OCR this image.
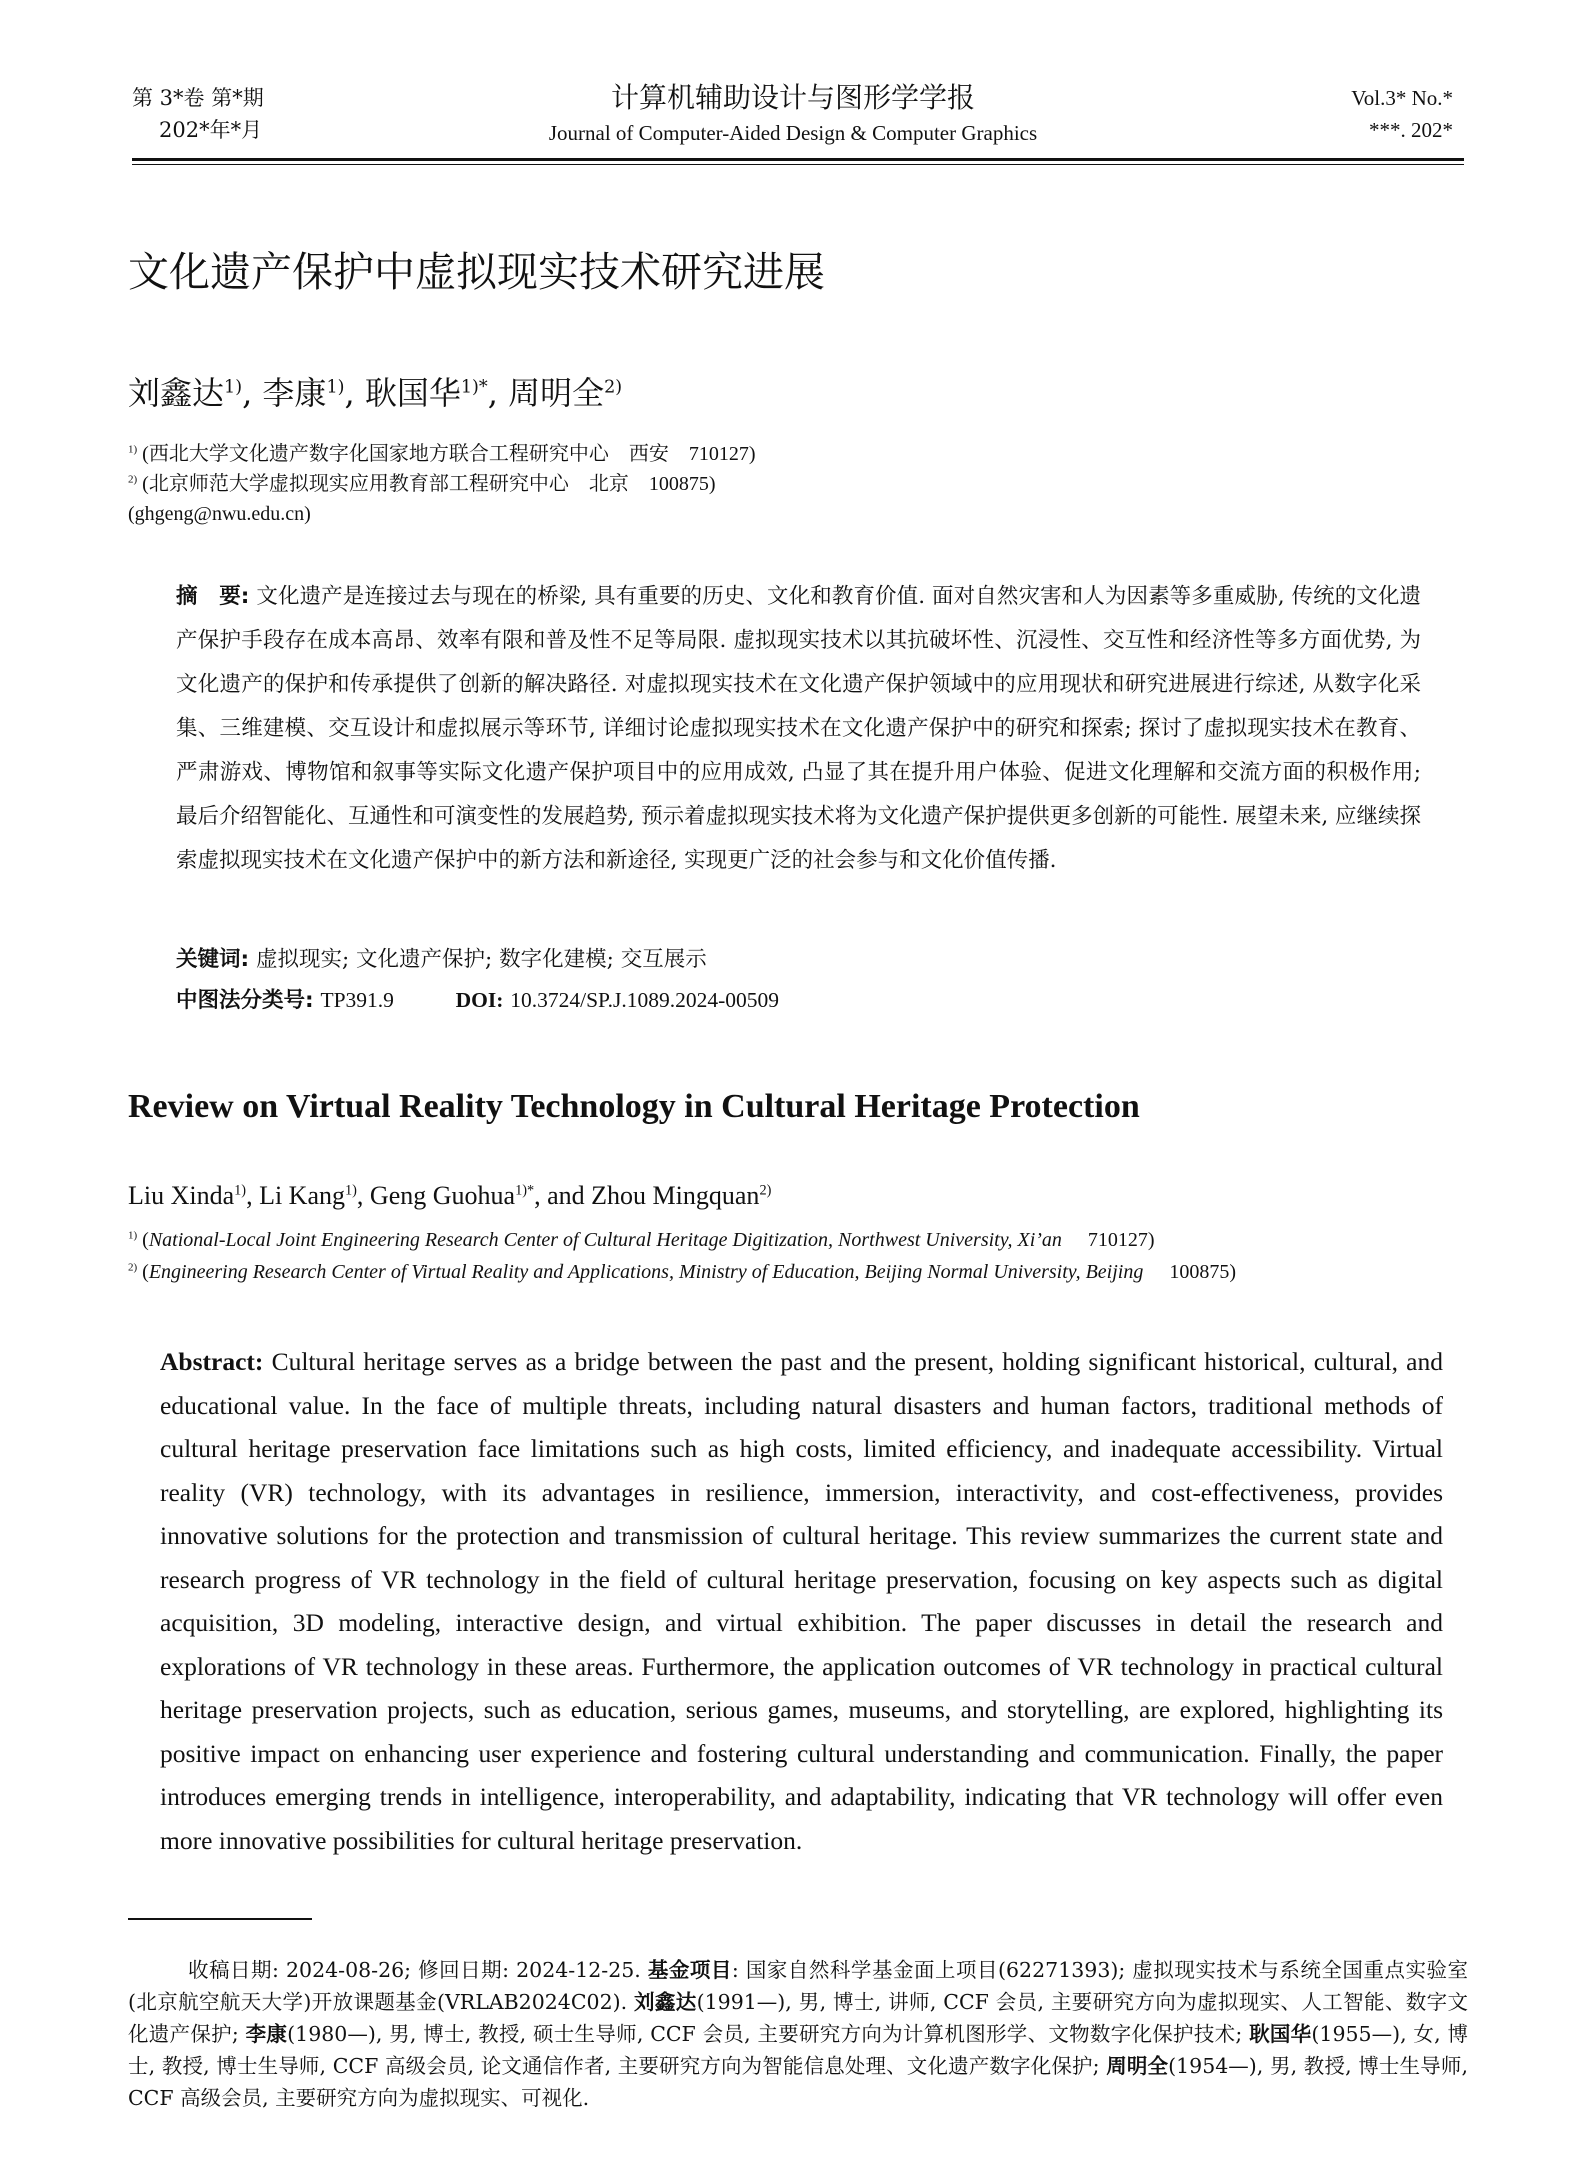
第 3*卷 第*期
202*年*月
计算机辅助设计与图形学学报
Journal of Computer-Aided Design & Computer Graphics
Vol.3* No.*
***. 202*
文化遗产保护中虚拟现实技术研究进展
刘鑫达$^{1)}$, 李康$^{1)}$, 耿国华$^{1)*}$, 周明全$^{2)}$
$^{1)}$ (西北大学文化遗产数字化国家地方联合工程研究中心　西安　710127)
$^{2)}$ (北京师范大学虚拟现实应用教育部工程研究中心　北京　100875)
(ghgeng@nwu.edu.cn)
摘　要: 文化遗产是连接过去与现在的桥梁, 具有重要的历史、文化和教育价值. 面对自然灾害和人为因素等多重威胁, 传统的文化遗产保护手段存在成本高昂、效率有限和普及性不足等局限. 虚拟现实技术以其抗破坏性、沉浸性、交互性和经济性等多方面优势, 为文化遗产的保护和传承提供了创新的解决路径. 对虚拟现实技术在文化遗产保护领域中的应用现状和研究进展进行综述, 从数字化采集、三维建模、交互设计和虚拟展示等环节, 详细讨论虚拟现实技术在文化遗产保护中的研究和探索; 探讨了虚拟现实技术在教育、严肃游戏、博物馆和叙事等实际文化遗产保护项目中的应用成效, 凸显了其在提升用户体验、促进文化理解和交流方面的积极作用; 最后介绍智能化、互通性和可演变性的发展趋势, 预示着虚拟现实技术将为文化遗产保护提供更多创新的可能性. 展望未来, 应继续探索虚拟现实技术在文化遗产保护中的新方法和新途径, 实现更广泛的社会参与和文化价值传播.
关键词: 虚拟现实; 文化遗产保护; 数字化建模; 交互展示
中图法分类号: TP391.9	DOI: 10.3724/SP.J.1089.2024-00509
Review on Virtual Reality Technology in Cultural Heritage Protection
Liu Xinda$^{1)}$, Li Kang$^{1)}$, Geng Guohua$^{1)*}$, and Zhou Mingquan$^{2)}$
$^{1)}$ (National-Local Joint Engineering Research Center of Cultural Heritage Digitization, Northwest University, Xi’an 710127)
$^{2)}$ (Engineering Research Center of Virtual Reality and Applications, Ministry of Education, Beijing Normal University, Beijing 100875)
Abstract: Cultural heritage serves as a bridge between the past and the present, holding significant historical, cultural, and educational value. In the face of multiple threats, including natural disasters and human factors, traditional methods of cultural heritage preservation face limitations such as high costs, limited efficiency, and inadequate accessibility. Virtual reality (VR) technology, with its advantages in resilience, immersion, interactivity, and cost-effectiveness, provides innovative solutions for the protection and transmission of cultural heritage. This review summarizes the current state and research progress of VR technology in the field of cultural heritage preservation, focusing on key aspects such as digital acquisition, 3D modeling, interactive design, and virtual exhibition. The paper discusses in detail the research and explorations of VR technology in these areas. Furthermore, the application outcomes of VR technology in practical cultural heritage preservation projects, such as education, serious games, museums, and storytelling, are explored, highlighting its positive impact on enhancing user experience and fostering cultural understanding and communication. Finally, the paper introduces emerging trends in intelligence, interoperability, and adaptability, indicating that VR technology will offer even more innovative possibilities for cultural heritage preservation.
收稿日期: 2024-08-26; 修回日期: 2024-12-25. 基金项目: 国家自然科学基金面上项目(62271393); 虚拟现实技术与系统全国重点实验室(北京航空航天大学)开放课题基金(VRLAB2024C02). 刘鑫达(1991—), 男, 博士, 讲师, CCF 会员, 主要研究方向为虚拟现实、人工智能、数字文化遗产保护; 李康(1980—), 男, 博士, 教授, 硕士生导师, CCF 会员, 主要研究方向为计算机图形学、文物数字化保护技术; 耿国华(1955—), 女, 博士, 教授, 博士生导师, CCF 高级会员, 论文通信作者, 主要研究方向为智能信息处理、文化遗产数字化保护; 周明全(1954—), 男, 教授, 博士生导师, CCF 高级会员, 主要研究方向为虚拟现实、可视化.
